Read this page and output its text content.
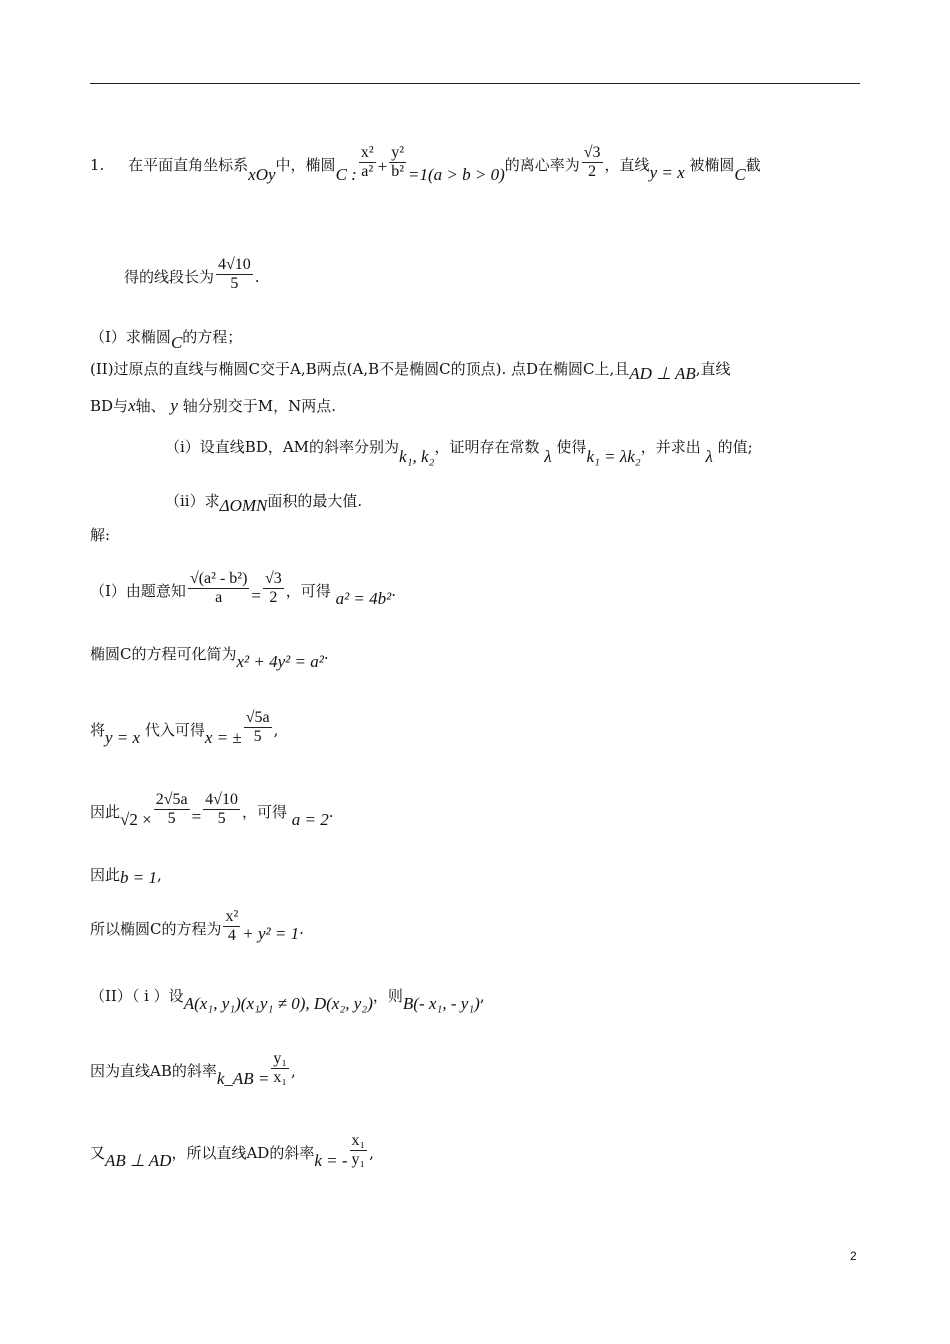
1. 在平面直角坐标系xOy中，椭圆C : $\frac{\text{x²}}{\text{a²}} + \frac{\text{y²}}{\text{b²}} =1(a > b > 0)$的离心率为 $\frac{√3}{2}$ ，直线y = x 被椭圆C截
得的线段长为 $\frac{4√10}{5}$ .
（Ⅰ）求椭圆C的方程；
(II)过原点的直线与椭圆C交于A,B两点(A,B不是椭圆C的顶点). 点D在椭圆C上,且AD ⊥ AB,直线
BD与x轴、 y 轴分别交于M，N两点.
（i）设直线BD，AM的斜率分别为k₁, k₂，证明存在常数 λ 使得k₁ = λk₂，并求出 λ 的值;
（ii）求ΔOMN面积的最大值.
解:
（I）由题意知 $\frac{\text{√(a² - b²)}}{a} = \frac{√3}{2}$ ，可得 a² = 4b².
椭圆C的方程可化简为x² + 4y² = a².
将y = x 代入可得x = ± $\frac{√5a}{5}$ ,
因此$√2 \times \frac{2√5a}{5} = \frac{4√10}{5}$ ，可得 a = 2.
因此b = 1,
所以椭圆C的方程为 $\frac{\text{x²}}{4} + y^2 = 1$.
（II）（ i ）设A(x₁, y₁)(x₁y₁ ≠ 0), D(x₂, y₂)，则B(- x₁, - y₁),
因为直线AB的斜率k_AB = $\frac{\text{y₁}}{\text{x₁}}$ ,
又AB ⊥ AD，所以直线AD的斜率k = - $\frac{\text{x₁}}{\text{y₁}}$ ,
2
